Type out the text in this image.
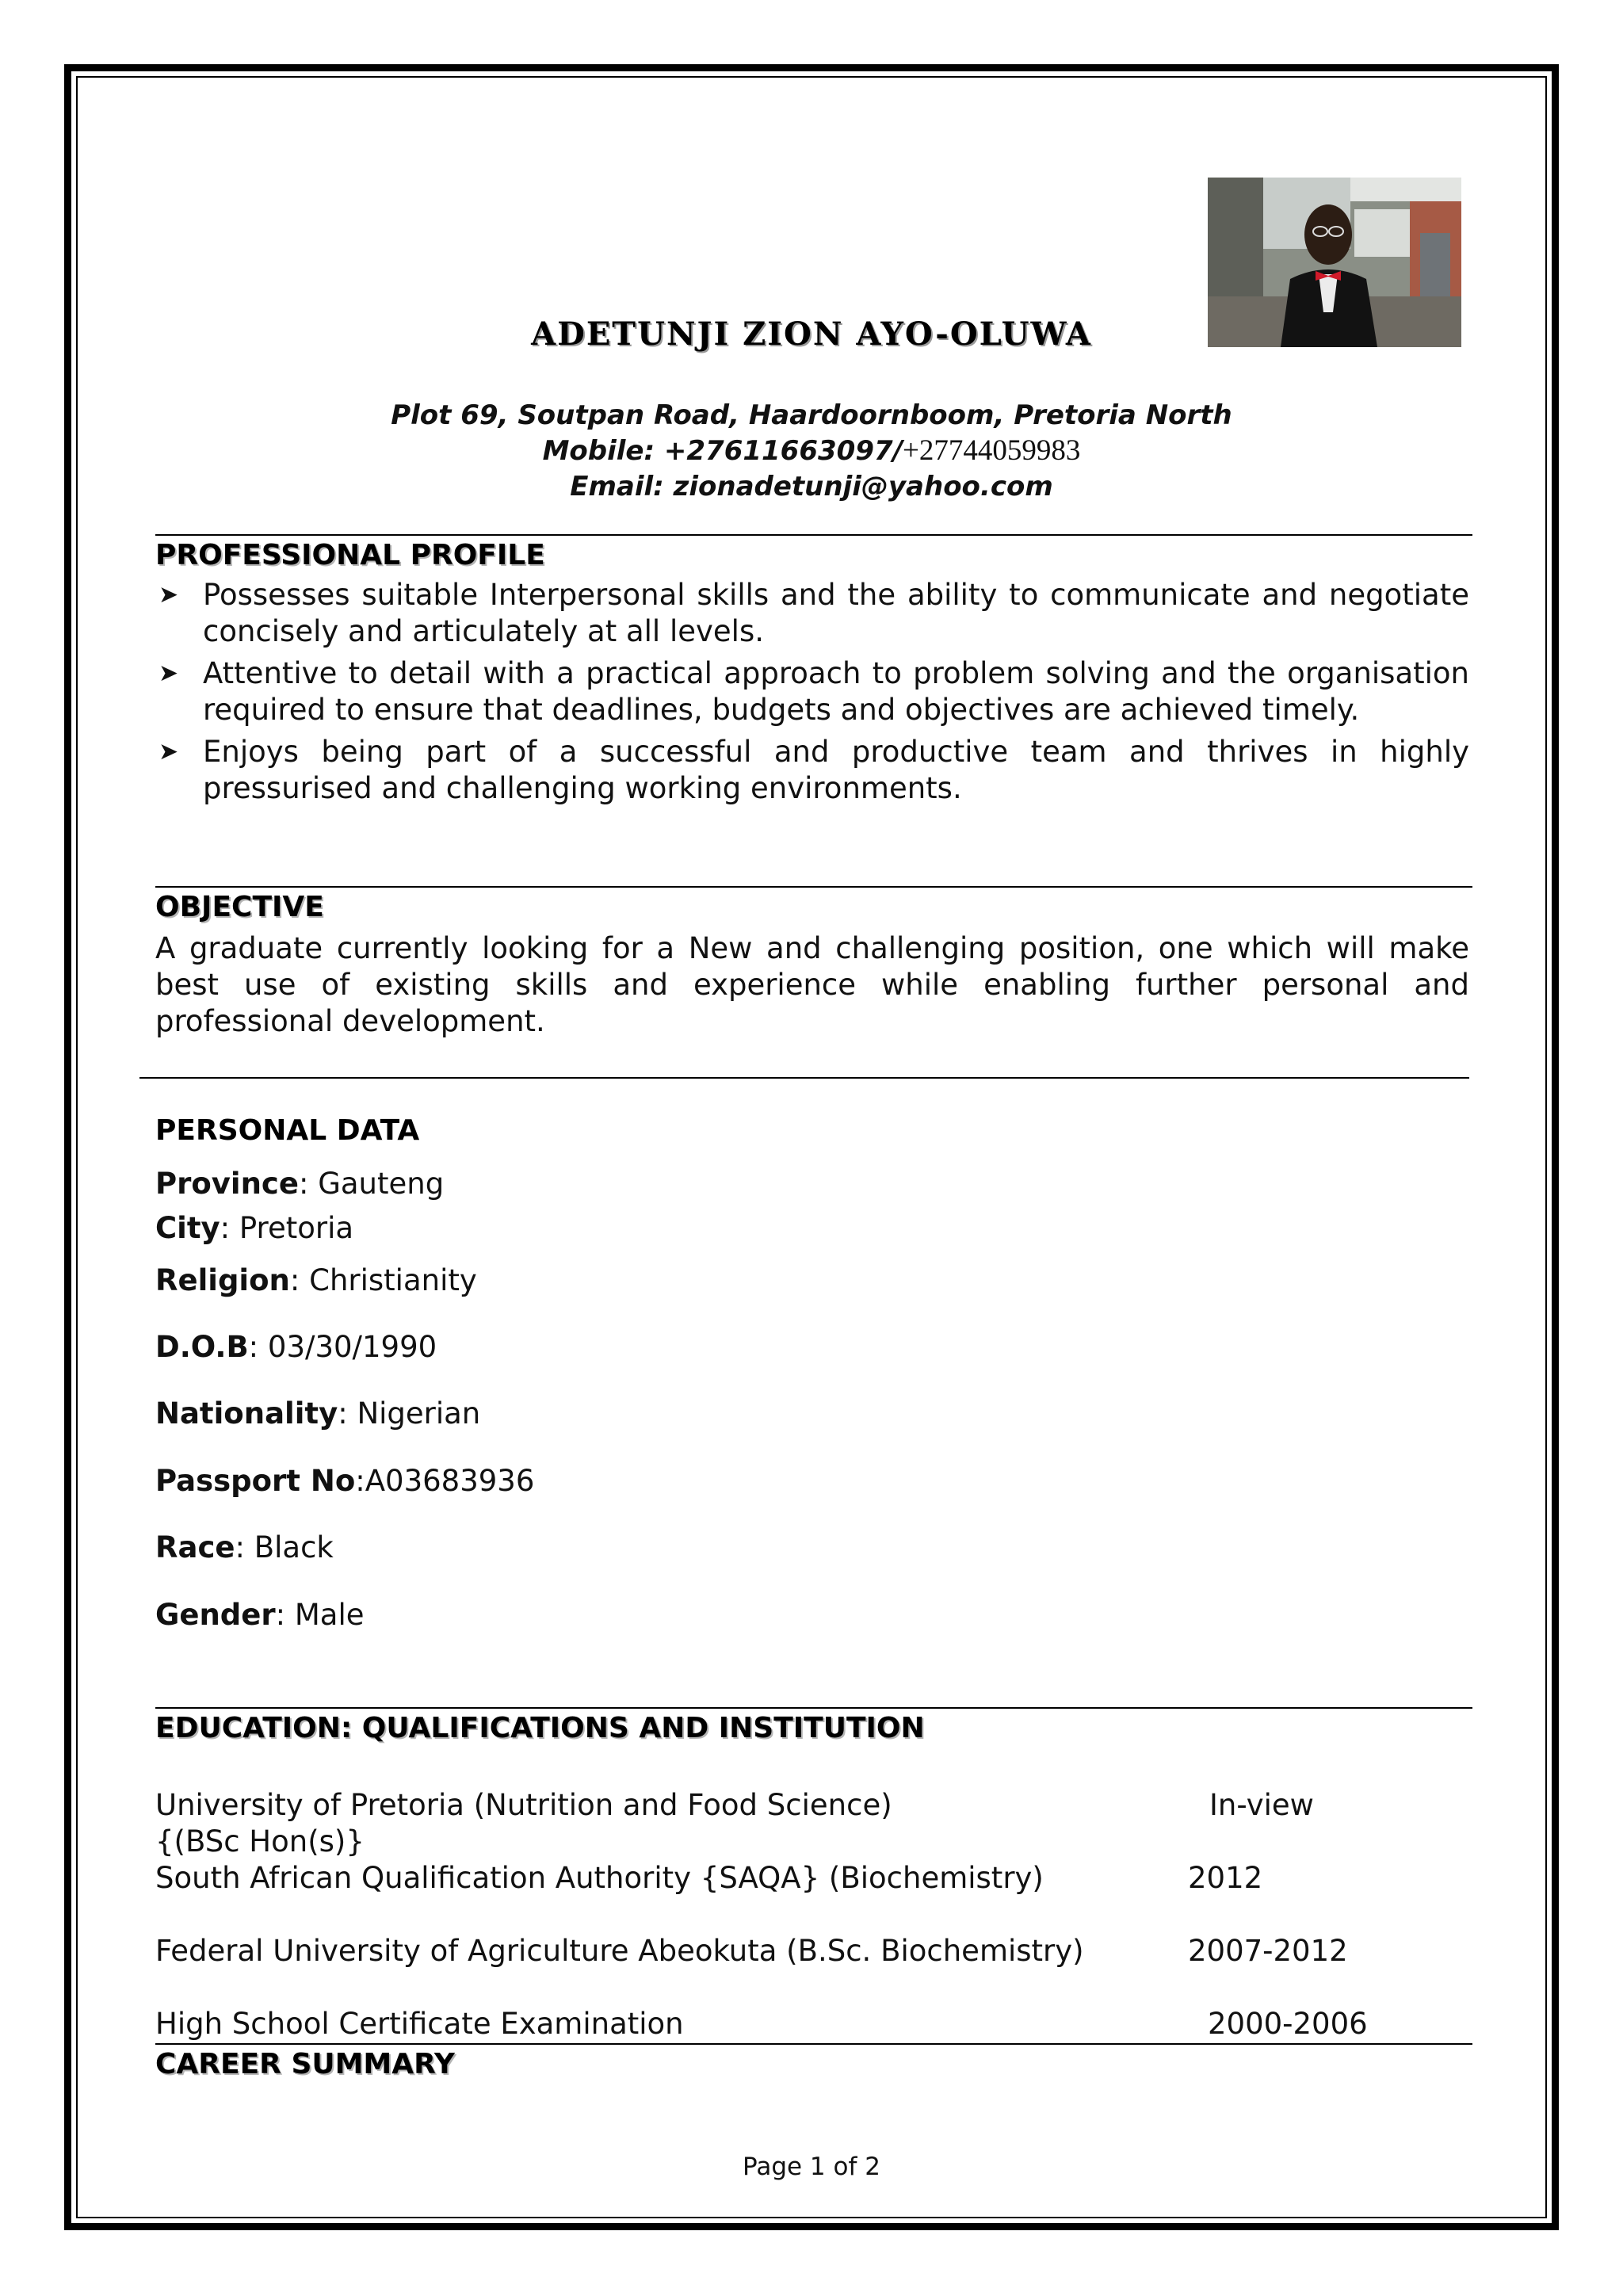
ADETUNJI ZION AYO-OLUWA
Plot 69, Soutpan Road, Haardoornboom, Pretoria North
Mobile: +27611663097/+27744059983
Email: zionadetunji@yahoo.com
PROFESSIONAL PROFILE
➤ Possesses suitable Interpersonal skills and the ability to communicate and negotiate concisely and articulately at all levels.
➤ Attentive to detail with a practical approach to problem solving and the organisation required to ensure that deadlines, budgets and objectives are achieved timely.
➤ Enjoys being part of a successful and productive team and thrives in highly pressurised and challenging working environments.
OBJECTIVE

A graduate currently looking for a New and challenging position, one which will make best use of existing skills and experience while enabling further personal and professional development.

PERSONAL DATA

Province: Gauteng

City: Pretoria

Religion: Christianity

D.O.B: 03/30/1990

Nationality: Nigerian

Passport No:A03683936

Race: Black

Gender: Male

EDUCATION: QUALIFICATIONS AND INSTITUTION

University of Pretoria (Nutrition and Food Science)	In-view

{(BSc Hon(s)}

South African Qualification Authority {SAQA} (Biochemistry)	2012

Federal University of Agriculture Abeokuta (B.Sc. Biochemistry)	2007-2012

High School Certificate Examination	2000-2006

CAREER SUMMARY
Page 1 of 2
